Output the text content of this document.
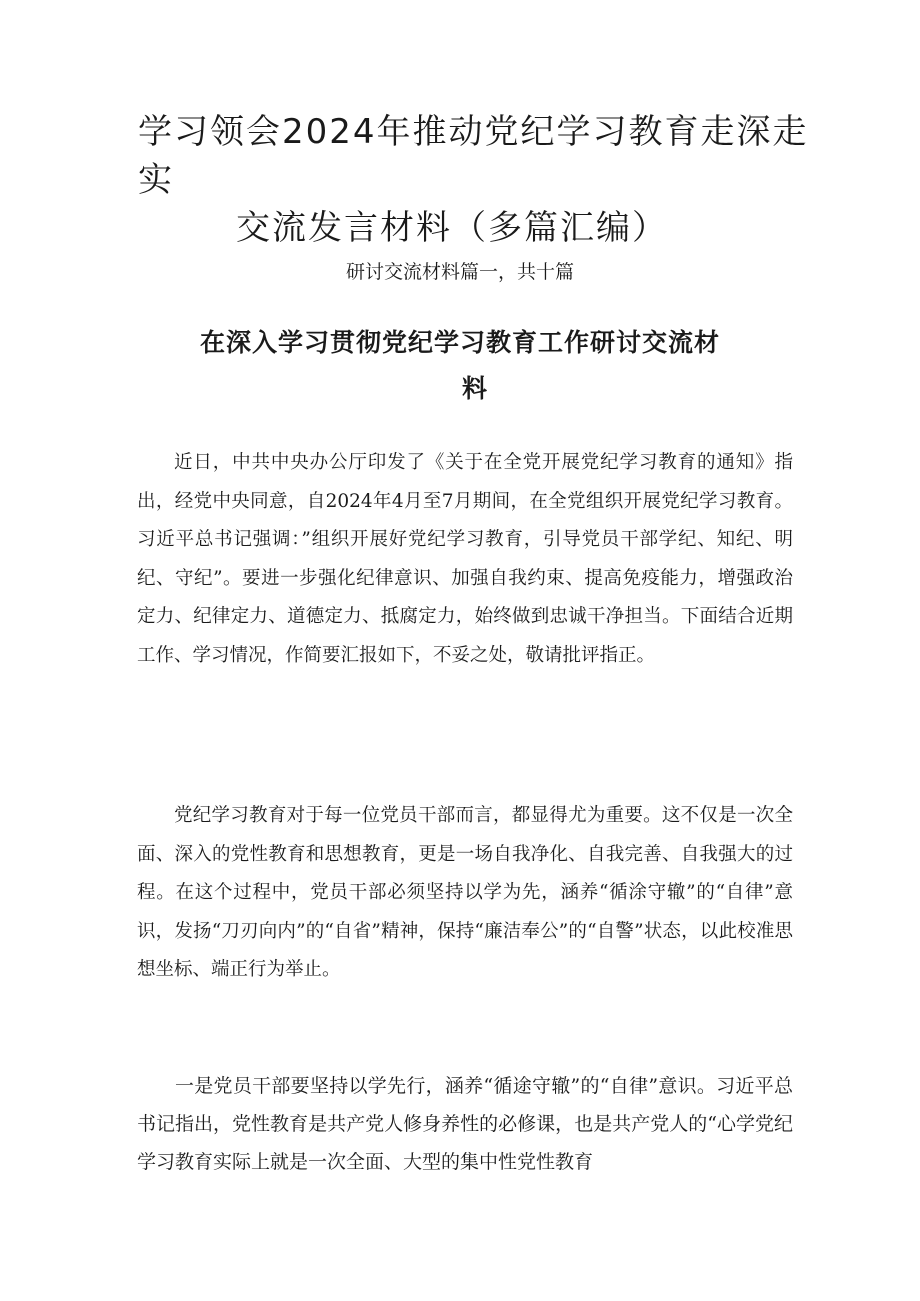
学习领会2024年推动党纪学习教育走深走实
交流发言材料（多篇汇编）
研讨交流材料篇一，共十篇
在深入学习贯彻党纪学习教育工作研讨交流材
料

近日，中共中央办公厅印发了《关于在全党开展党纪学习教育的通知》指出，经党中央同意，自2024年4月至7月期间，在全党组织开展党纪学习教育。习近平总书记强调：”组织开展好党纪学习教育，引导党员干部学纪、知纪、明纪、守纪”。要进一步强化纪律意识、加强自我约束、提高免疫能力，增强政治定力、纪律定力、道德定力、抵腐定力，始终做到忠诚干净担当。下面结合近期工作、学习情况，作简要汇报如下，不妥之处，敬请批评指正。

党纪学习教育对于每一位党员干部而言，都显得尤为重要。这不仅是一次全面、深入的党性教育和思想教育，更是一场自我净化、自我完善、自我强大的过程。在这个过程中，党员干部必须坚持以学为先，涵养“循涂守辙”的“自律”意识，发扬“刀刃向内”的“自省”精神，保持“廉洁奉公”的“自警”状态，以此校准思想坐标、端正行为举止。

一是党员干部要坚持以学先行，涵养“循途守辙”的“自律”意识。习近平总书记指出，党性教育是共产党人修身养性的必修课，也是共产党人的“心学党纪学习教育实际上就是一次全面、大型的集中性党性教育
